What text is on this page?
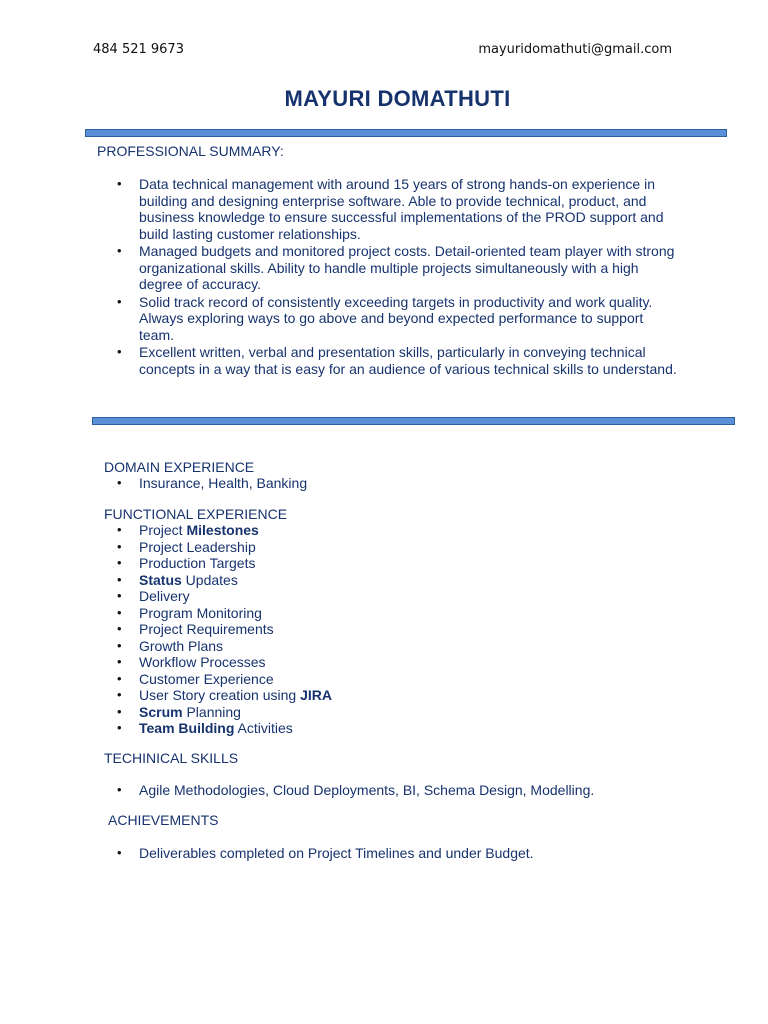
484 521 9673	mayuridomathuti@gmail.com
MAYURI DOMATHUTI
PROFESSIONAL SUMMARY:
• Data technical management with around 15 years of strong hands-on experience in building and designing enterprise software. Able to provide technical, product, and business knowledge to ensure successful implementations of the PROD support and build lasting customer relationships.
• Managed budgets and monitored project costs. Detail-oriented team player with strong organizational skills. Ability to handle multiple projects simultaneously with a high degree of accuracy.
• Solid track record of consistently exceeding targets in productivity and work quality. Always exploring ways to go above and beyond expected performance to support team.
• Excellent written, verbal and presentation skills, particularly in conveying technical concepts in a way that is easy for an audience of various technical skills to understand.
DOMAIN EXPERIENCE
• Insurance, Health, Banking
FUNCTIONAL EXPERIENCE
• Project Milestones
• Project Leadership
• Production Targets
• Status Updates
• Delivery
• Program Monitoring
• Project Requirements
• Growth Plans
• Workflow Processes
• Customer Experience
• User Story creation using JIRA
• Scrum Planning
• Team Building Activities
TECHINICAL SKILLS
• Agile Methodologies, Cloud Deployments, BI, Schema Design, Modelling.
ACHIEVEMENTS
• Deliverables completed on Project Timelines and under Budget.
